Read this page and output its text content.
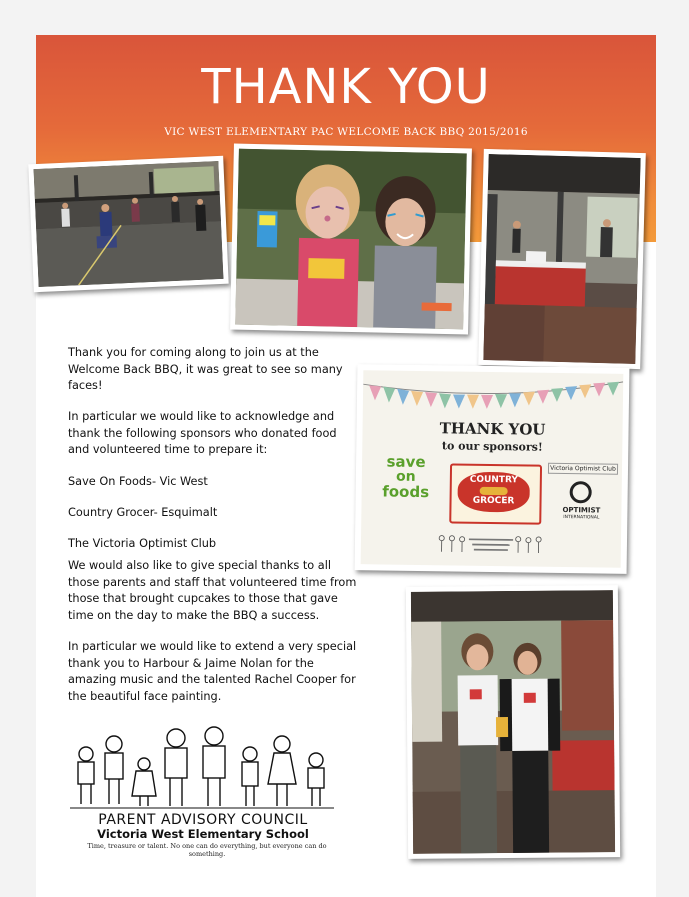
THANK YOU
VIC WEST ELEMENTARY PAC WELCOME BACK BBQ 2015/2016
Thank you for coming along to join us at the Welcome Back BBQ, it was great to see so many faces!
In particular we would like to acknowledge and thank the following sponsors who donated food and volunteered time to prepare it:
Save On Foods- Vic West
Country Grocer- Esquimalt
The Victoria Optimist Club
We would also like to give special thanks to all those parents and staff that volunteered time from those that brought cupcakes to those that gave time on the day to make the BBQ a success.
In particular we would like to extend a very special thank you to Harbour & Jaime Nolan for the amazing music and the talented Rachel Cooper for the beautiful face painting.
THANK YOU
to our sponsors!
save
on
foods
COUNTRY
GROCER
Victoria Optimist Club
OPTIMIST
INTERNATIONAL
PARENT ADVISORY COUNCIL
Victoria West Elementary School
Time, treasure or talent. No one can do everything, but everyone can do something.
